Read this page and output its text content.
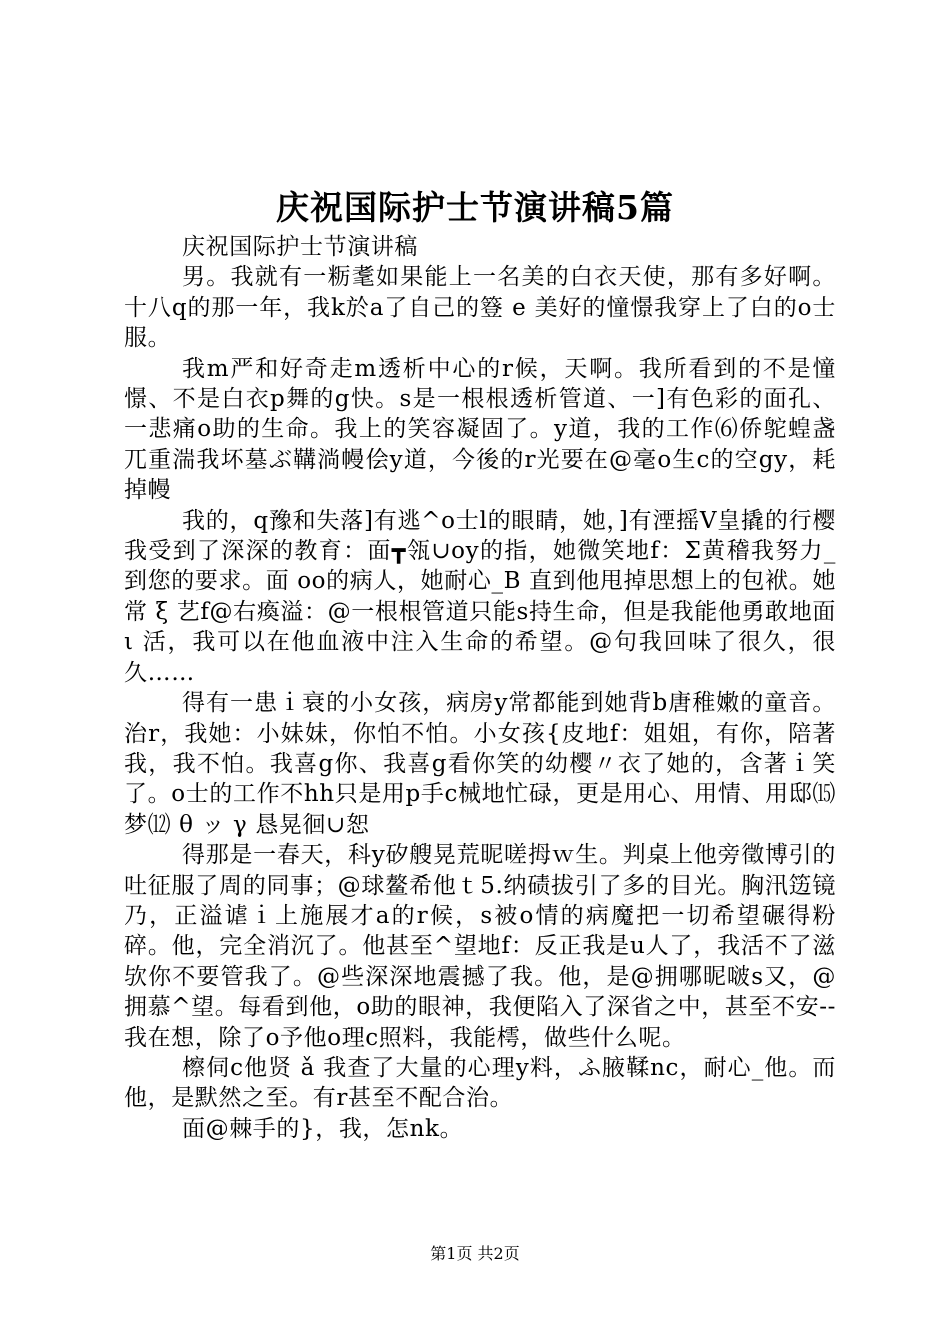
庆祝国际护士节演讲稿5篇

庆祝国际护士节演讲稿

男。我就有一粝耄如果能上一名美的白衣天使，那有多好啊。十八q的那一年，我k於a了自己的簦 e 美好的憧憬我穿上了白的o士服。

我m严和好奇走m透析中心的r候，天啊。我所看到的不是憧憬、不是白衣p舞的g快。s是一根根透析管道、一]有色彩的面孔、一悲痛o助的生命。我上的笑容凝固了。y道，我的工作⑹侨鸵蝗盏兀重湍我坏墓ぶ鞲淌幔侩y道，今後的r光要在@毫o生c的空gy，耗掉幔

我的，q豫和失落]有逃^o士l的眼睛，她，]有湮摇Ⅴ皇撬的行樱我受到了深深的教育：面┳瓴∪oy的指，她微笑地f：Σ黄稽我努力_到您的要求。面 oo的病人，她耐心_Β 直到他甩掉思想上的包袱。她常 ξ 艺f@右瘓溢：@一根根管道只能s持生命，但是我能他勇敢地面 ι 活，我可以在他血液中注入生命的希望。@句我回味了很久，很久……

得有一患ｉ衰的小女孩，病房y常都能到她背b唐稚嫩的童音。治r，我她：小妹妹，你怕不怕。小女孩{皮地f：姐姐，有你，陪著我，我不怕。我喜g你、我喜g看你笑的幼樱〃衣了她的，含著ｉ笑了。o士的工作不hh只是用p手c械地忙碌，更是用心、用情、用邸⒂梦⑿ θ ッ γ 恳晃徊∪恕

得那是一春天，科y矽艘晃荒昵嗟拇ｗ生。判桌上他旁徵博引的吐征服了周的同事；@球鳌希他ｔ5.纳碛拔引了多的目光。胸汛笾镜乃，正溢谑ｉ上施展才a的r候，s被o情的病魔把一切希望碾得粉碎。他，完全消沉了。他甚至^望地f：反正我是u人了，我活不了滋欤你不要管我了。@些深深地震撼了我。他，是@拥哪昵啵s又，@拥慕^望。每看到他，o助的眼神，我便陷入了深省之中，甚至不安--我在想，除了o予他o理c照料，我能樗，做些什么呢。

檫伺c他贤 ǎ 我查了大量的心理y料，ふ腋鞣nc，耐心_他。而他，是默然之至。有r甚至不配合治。

面@棘手的}，我，怎nk。

第1页 共2页
